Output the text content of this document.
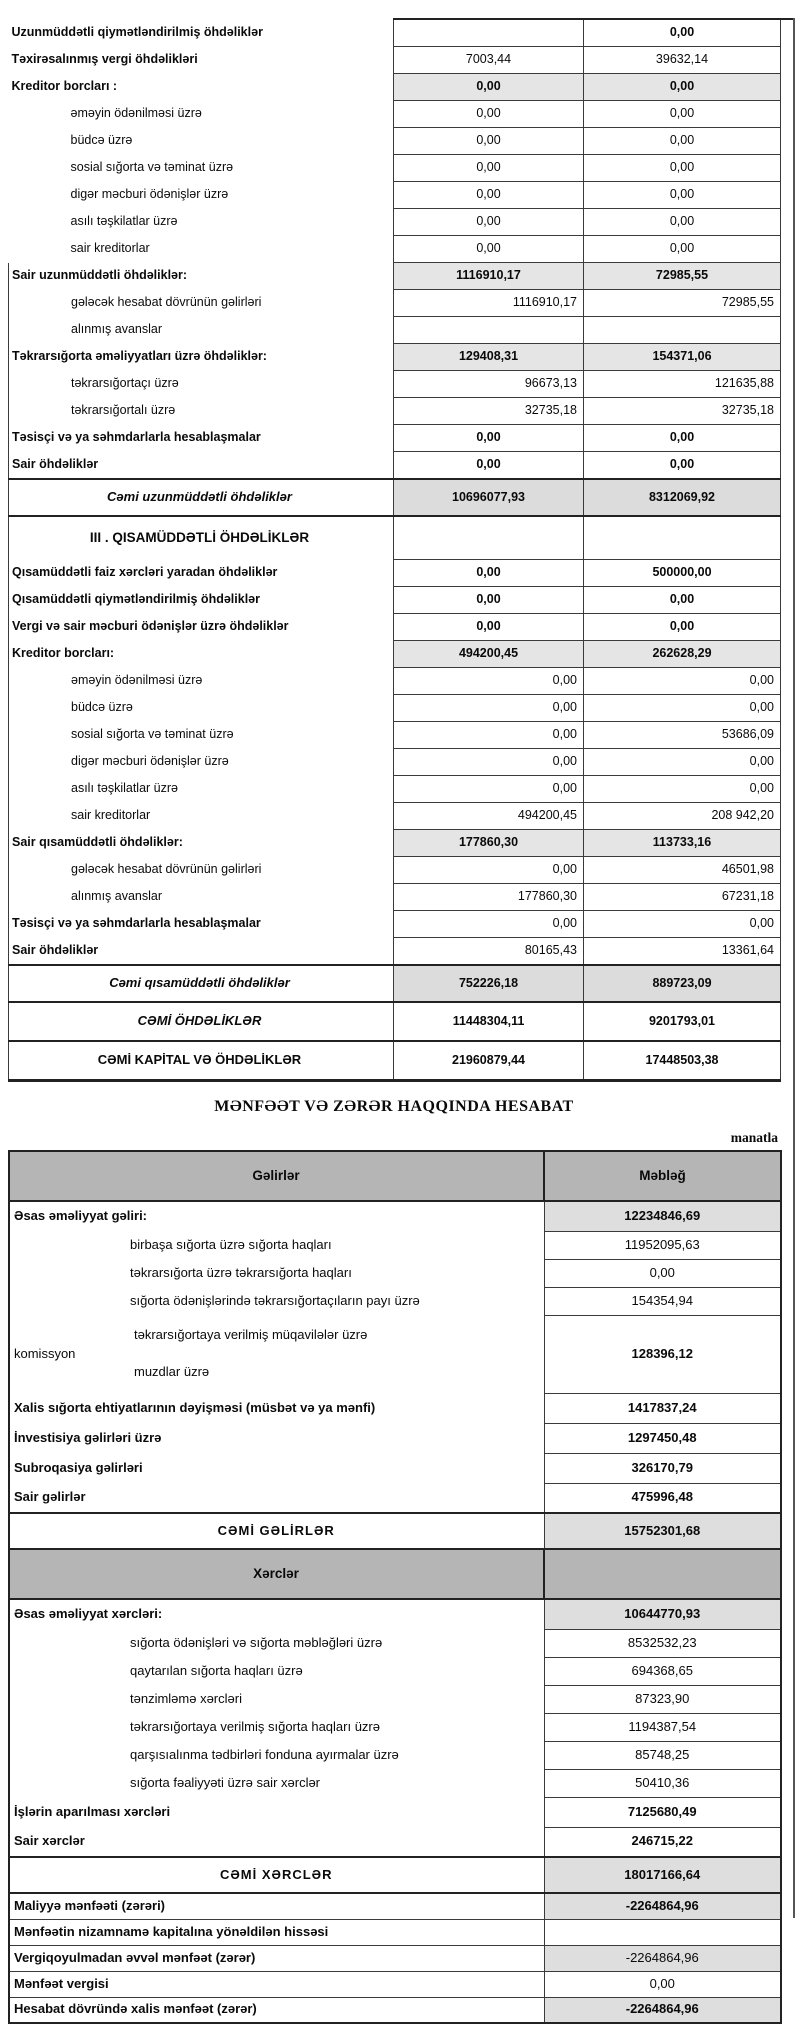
Uzunmüddətli qiymətləndirilmiş öhdəliklər		0,00
Təxirəsalınmış vergi öhdəlikləri	7003,44	39632,14
Kreditor borcları :	0,00	0,00
əməyin ödənilməsi üzrə	0,00	0,00
büdcə üzrə	0,00	0,00
sosial sığorta və təminat üzrə	0,00	0,00
digər məcburi ödənişlər üzrə	0,00	0,00
asılı təşkilatlar üzrə	0,00	0,00
sair kreditorlar	0,00	0,00
Sair uzunmüddətli öhdəliklər:	1116910,17	72985,55
gələcək hesabat dövrünün gəlirləri	1116910,17	72985,55
alınmış avanslar		
Təkrarsığorta əməliyyatları üzrə öhdəliklər:	129408,31	154371,06
təkrarsığortaçı üzrə	96673,13	121635,88
təkrarsığortalı üzrə	32735,18	32735,18
Təsisçi və ya səhmdarlarla hesablaşmalar	0,00	0,00
Sair öhdəliklər	0,00	0,00
Cəmi uzunmüddətli öhdəliklər	10696077,93	8312069,92
III . QISAMÜDDƏTLİ ÖHDƏLİKLƏR		
Qısamüddətli faiz xərcləri yaradan öhdəliklər	0,00	500000,00
Qısamüddətli qiymətləndirilmiş öhdəliklər	0,00	0,00
Vergi və sair məcburi ödənişlər üzrə öhdəliklər	0,00	0,00
Kreditor borcları:	494200,45	262628,29
əməyin ödənilməsi üzrə	0,00	0,00
büdcə üzrə	0,00	0,00
sosial sığorta və təminat üzrə	0,00	53686,09
digər məcburi ödənişlər üzrə	0,00	0,00
asılı təşkilatlar üzrə	0,00	0,00
sair kreditorlar	494200,45	208 942,20
Sair qısamüddətli öhdəliklər:	177860,30	113733,16
gələcək hesabat dövrünün gəlirləri	0,00	46501,98
alınmış avanslar	177860,30	67231,18
Təsisçi və ya səhmdarlarla hesablaşmalar	0,00	0,00
Sair öhdəliklər	80165,43	13361,64
Cəmi qısamüddətli öhdəliklər	752226,18	889723,09
CƏMİ ÖHDƏLİKLƏR	11448304,11	9201793,01
CƏMİ KAPİTAL VƏ ÖHDƏLİKLƏR	21960879,44	17448503,38
MƏNFƏƏT VƏ ZƏRƏR HAQQINDA HESABAT
manatla
Gəlirlər	Məbləğ
Əsas əməliyyat gəliri:	12234846,69
birbaşa sığorta üzrə sığorta haqları	11952095,63
təkrarsığorta üzrə təkrarsığorta haqları	0,00
sığorta ödənişlərində təkrarsığortaçıların payı üzrə	154354,94

təkrarsığortaya verilmiş müqavilələr üzrə
komissyon
muzdlar üzrə	128396,12
Xalis sığorta ehtiyatlarının dəyişməsi (müsbət və ya mənfi)	1417837,24
İnvestisiya gəlirləri üzrə	1297450,48
Subroqasiya gəlirləri	326170,79
Sair gəlirlər	475996,48
CƏMİ GƏLİRLƏR	15752301,68
Xərclər	
Əsas əməliyyat xərcləri:	10644770,93
sığorta ödənişləri və sığorta məbləğləri üzrə	8532532,23
qaytarılan sığorta haqları üzrə	694368,65
tənzimləmə xərcləri	87323,90
təkrarsığortaya verilmiş sığorta haqları üzrə	1194387,54
qarşısıalınma tədbirləri fonduna ayırmalar üzrə	85748,25
sığorta fəaliyyəti üzrə sair xərclər	50410,36
İşlərin aparılması xərcləri	7125680,49
Sair xərclər	246715,22
CƏMİ XƏRCLƏR	18017166,64
Maliyyə mənfəəti (zərəri)	-2264864,96
Mənfəətin nizamnamə kapitalına yönəldilən hissəsi	
Vergiqoyulmadan əvvəl mənfəət (zərər)	-2264864,96
Mənfəət vergisi	0,00
Hesabat dövründə xalis mənfəət (zərər)	-2264864,96
